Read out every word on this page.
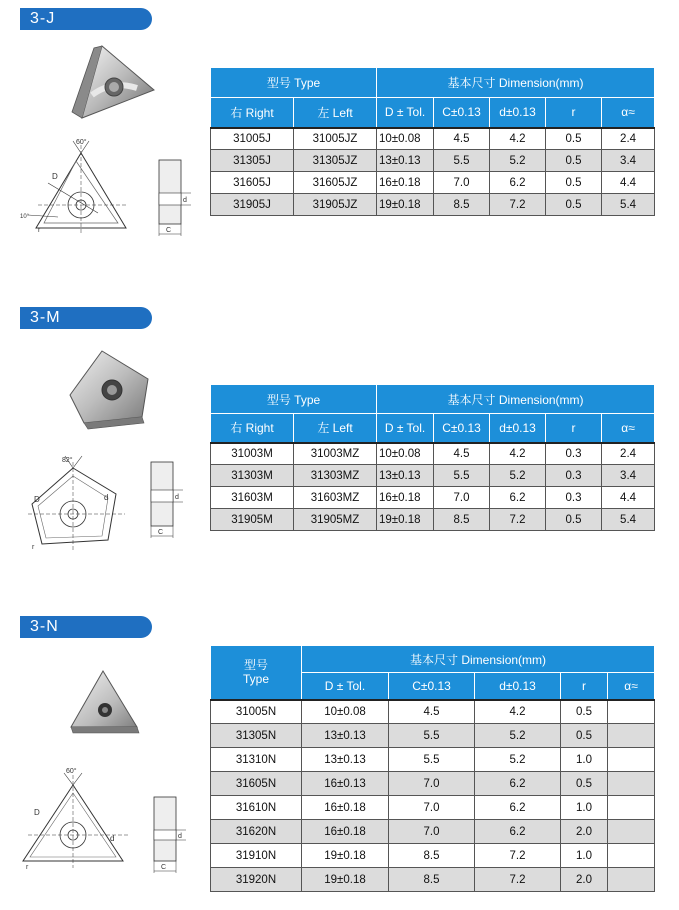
3-J
60°
D
10°
r
d
C
型号 Type		基本尺寸 Dimension(mm)				
右 Right	左 Left	D ± Tol.	C±0.13	d±0.13	r	α≈
31005J	31005JZ	10±0.08	4.5	4.2	0.5	2.4
31305J	31305JZ	13±0.13	5.5	5.2	0.5	3.4
31605J	31605JZ	16±0.18	7.0	6.2	0.5	4.4
31905J	31905JZ	19±0.18	8.5	7.2	0.5	5.4
3-M
82°
D	d
r
d
C
型号 Type		基本尺寸 Dimension(mm)				
右 Right	左 Left	D ± Tol.	C±0.13	d±0.13	r	α≈
31003M	31003MZ	10±0.08	4.5	4.2	0.3	2.4
31303M	31303MZ	13±0.13	5.5	5.2	0.3	3.4
31603M	31603MZ	16±0.18	7.0	6.2	0.3	4.4
31905M	31905MZ	19±0.18	8.5	7.2	0.5	5.4
3-N
60°
D
d
r
d
C
型号
Type	基本尺寸 Dimension(mm)				
	D ± Tol.	C±0.13	d±0.13	r	α≈
31005N	10±0.08	4.5	4.2	0.5	
31305N	13±0.13	5.5	5.2	0.5	
31310N	13±0.13	5.5	5.2	1.0	
31605N	16±0.13	7.0	6.2	0.5	
31610N	16±0.18	7.0	6.2	1.0	
31620N	16±0.18	7.0	6.2	2.0	
31910N	19±0.18	8.5	7.2	1.0	
31920N	19±0.18	8.5	7.2	2.0	
